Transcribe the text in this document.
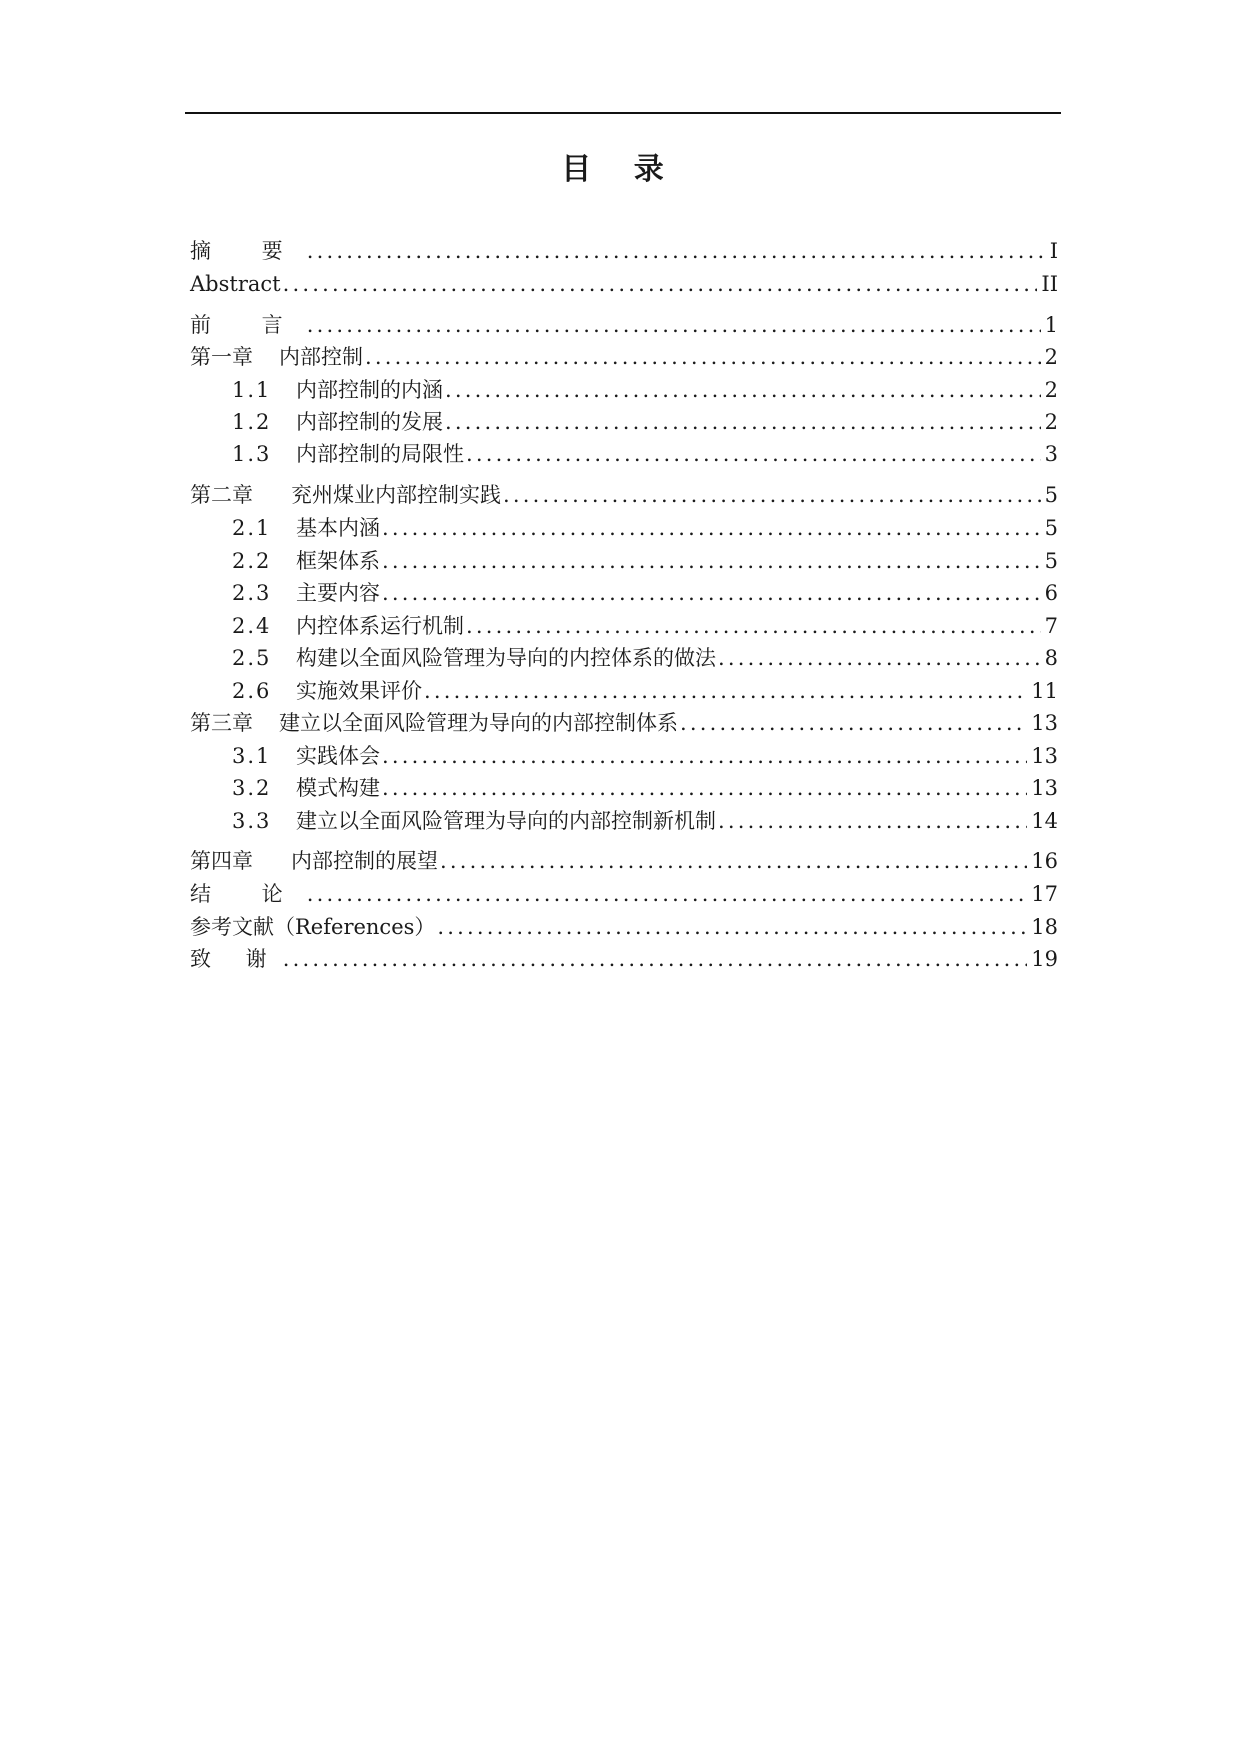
目 录
摘 要 .....	I
Abstract .....	II
前 言 .....	1
第一章 内部控制 .....	2
1.1	内部控制的内涵 .....	2
1.2	内部控制的发展 .....	2
1.3	内部控制的局限性 .....	3
第二章 兖州煤业内部控制实践 .....	5
2.1	基本内涵 .....	5
2.2	框架体系 .....	5
2.3	主要内容 .....	6
2.4	内控体系运行机制 .....	7
2.5	构建以全面风险管理为导向的内控体系的做法 .....	8
2.6	实施效果评价 .....	11
第三章 建立以全面风险管理为导向的内部控制体系 .....	13
3.1	实践体会 .....	13
3.2	模式构建 .....	13
3.3	建立以全面风险管理为导向的内部控制新机制 .....	14
第四章 内部控制的展望 .....	16
结 论 .....	17
参考文献（References） .....	18
致 谢 .....	19
